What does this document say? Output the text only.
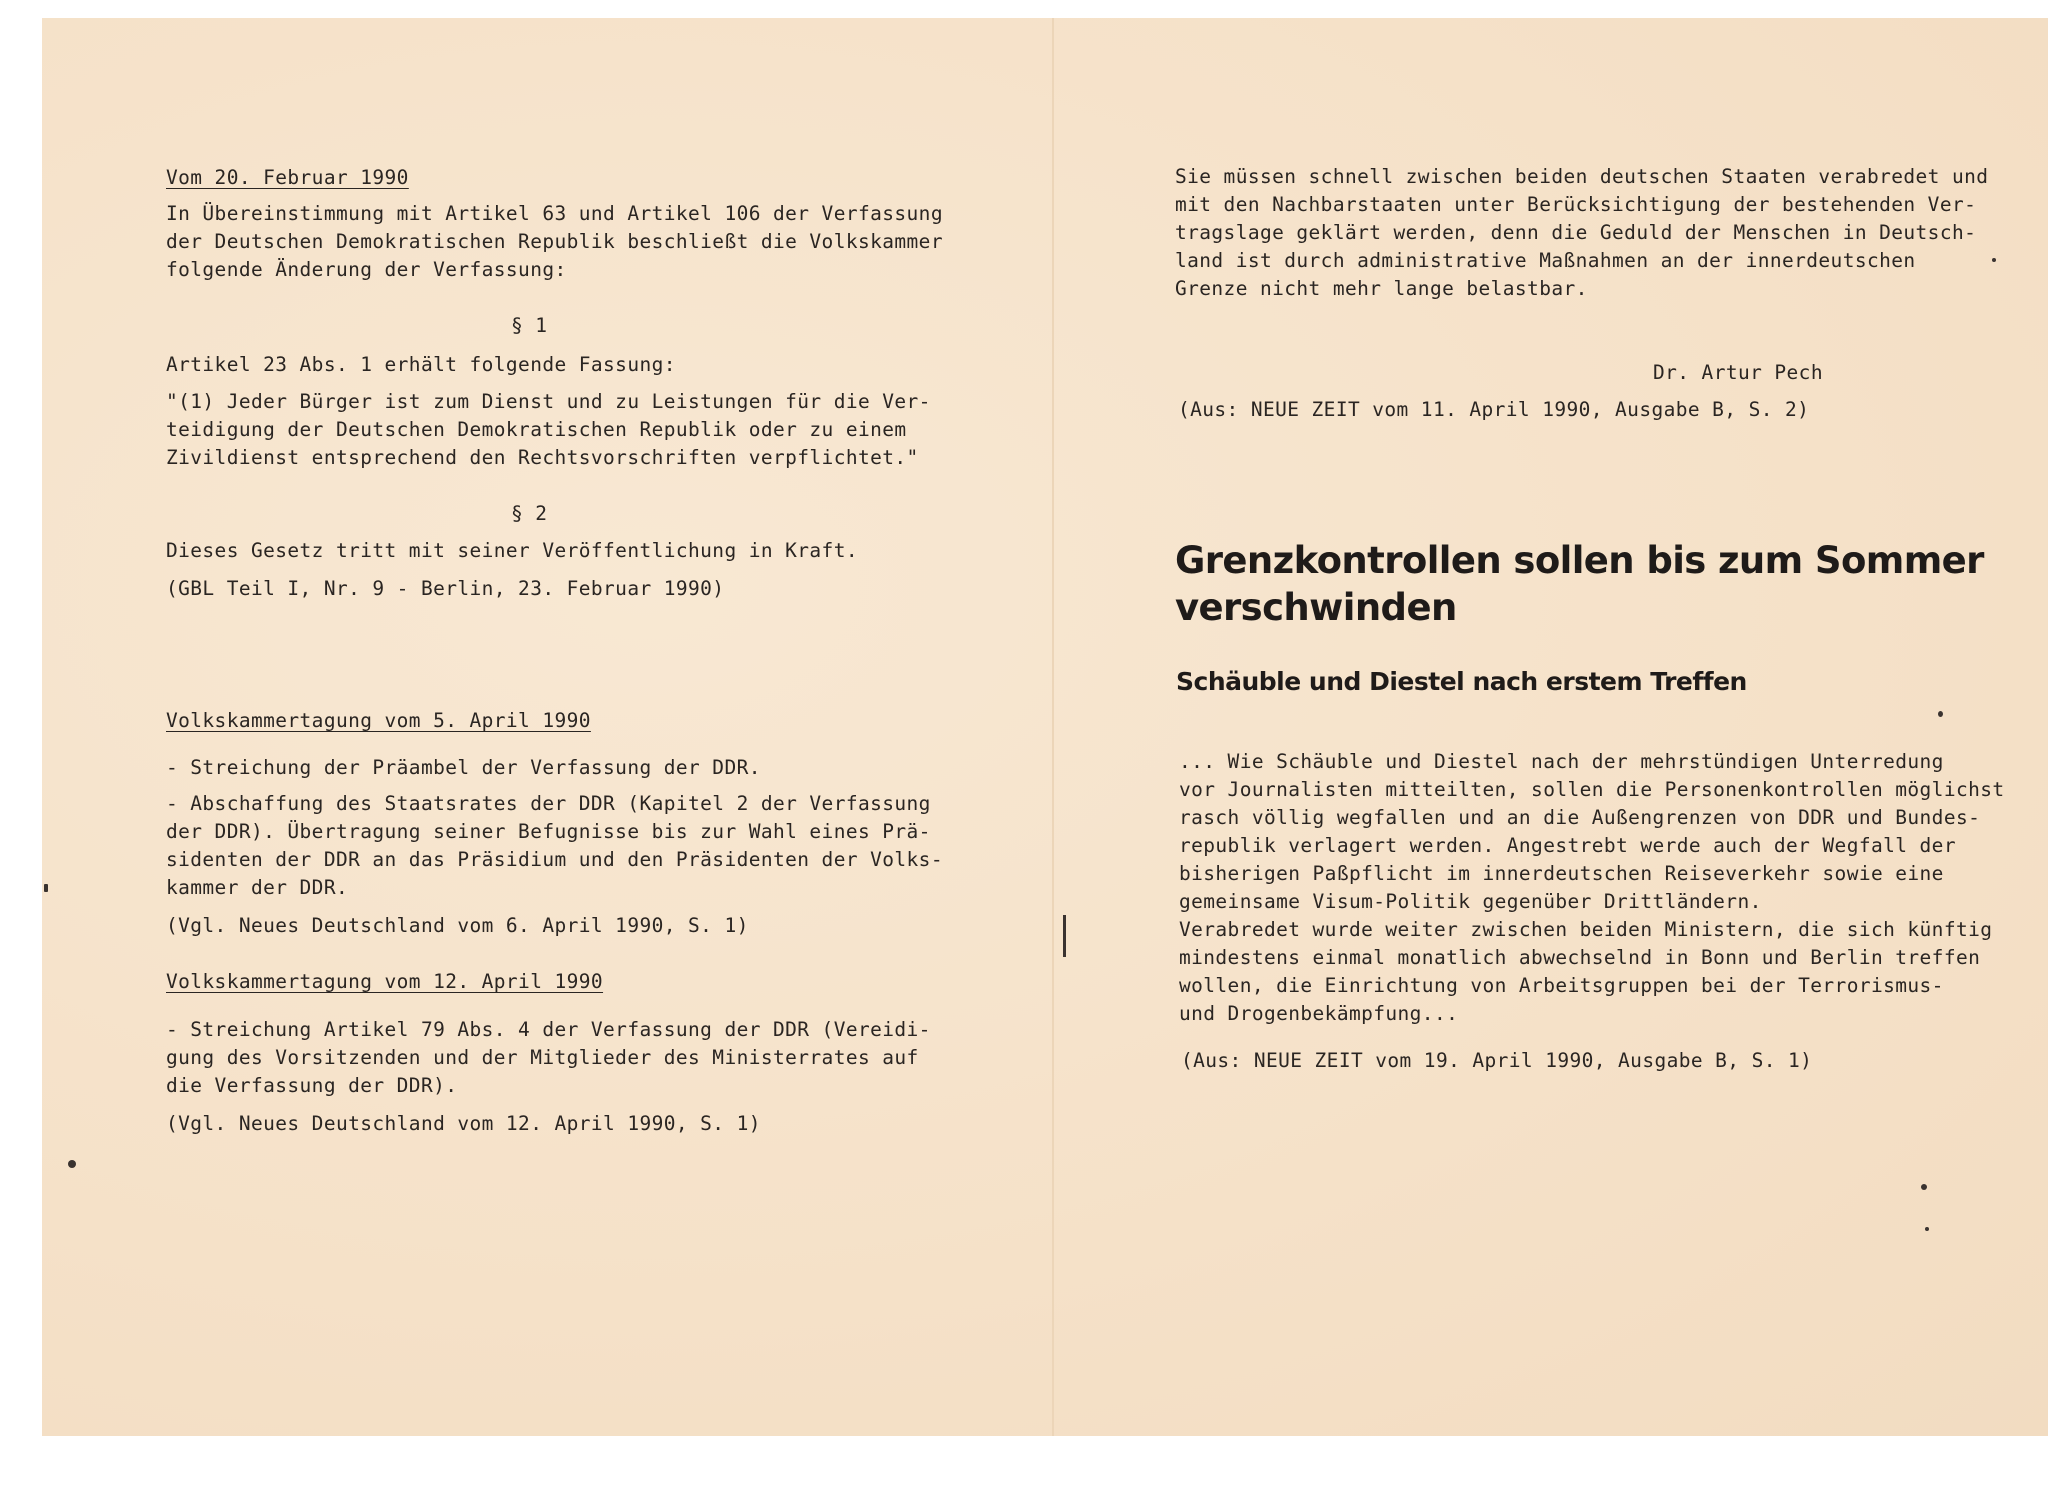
Vom 20. Februar 1990
In Übereinstimmung mit Artikel 63 und Artikel 106 der Verfassung
der Deutschen Demokratischen Republik beschließt die Volkskammer
folgende Änderung der Verfassung:
§ 1
Artikel 23 Abs. 1 erhält folgende Fassung:
"(1) Jeder Bürger ist zum Dienst und zu Leistungen für die Ver-
teidigung der Deutschen Demokratischen Republik oder zu einem
Zivildienst entsprechend den Rechtsvorschriften verpflichtet."
§ 2
Dieses Gesetz tritt mit seiner Veröffentlichung in Kraft.
(GBL Teil I, Nr. 9 - Berlin, 23. Februar 1990)
Volkskammertagung vom 5. April 1990
- Streichung der Präambel der Verfassung der DDR.
- Abschaffung des Staatsrates der DDR (Kapitel 2 der Verfassung
der DDR). Übertragung seiner Befugnisse bis zur Wahl eines Prä-
sidenten der DDR an das Präsidium und den Präsidenten der Volks-
kammer der DDR.
(Vgl. Neues Deutschland vom 6. April 1990, S. 1)
Volkskammertagung vom 12. April 1990
- Streichung Artikel 79 Abs. 4 der Verfassung der DDR (Vereidi-
gung des Vorsitzenden und der Mitglieder des Ministerrates auf
die Verfassung der DDR).
(Vgl. Neues Deutschland vom 12. April 1990, S. 1)
Sie müssen schnell zwischen beiden deutschen Staaten verabredet und
mit den Nachbarstaaten unter Berücksichtigung der bestehenden Ver-
tragslage geklärt werden, denn die Geduld der Menschen in Deutsch-
land ist durch administrative Maßnahmen an der innerdeutschen
Grenze nicht mehr lange belastbar.
Dr. Artur Pech
(Aus: NEUE ZEIT vom 11. April 1990, Ausgabe B, S. 2)
Grenzkontrollen sollen bis zum Sommer
verschwinden
Schäuble und Diestel nach erstem Treffen
... Wie Schäuble und Diestel nach der mehrstündigen Unterredung
vor Journalisten mitteilten, sollen die Personenkontrollen möglichst
rasch völlig wegfallen und an die Außengrenzen von DDR und Bundes-
republik verlagert werden. Angestrebt werde auch der Wegfall der
bisherigen Paßpflicht im innerdeutschen Reiseverkehr sowie eine
gemeinsame Visum-Politik gegenüber Drittländern.
Verabredet wurde weiter zwischen beiden Ministern, die sich künftig
mindestens einmal monatlich abwechselnd in Bonn und Berlin treffen
wollen, die Einrichtung von Arbeitsgruppen bei der Terrorismus-
und Drogenbekämpfung...
(Aus: NEUE ZEIT vom 19. April 1990, Ausgabe B, S. 1)
